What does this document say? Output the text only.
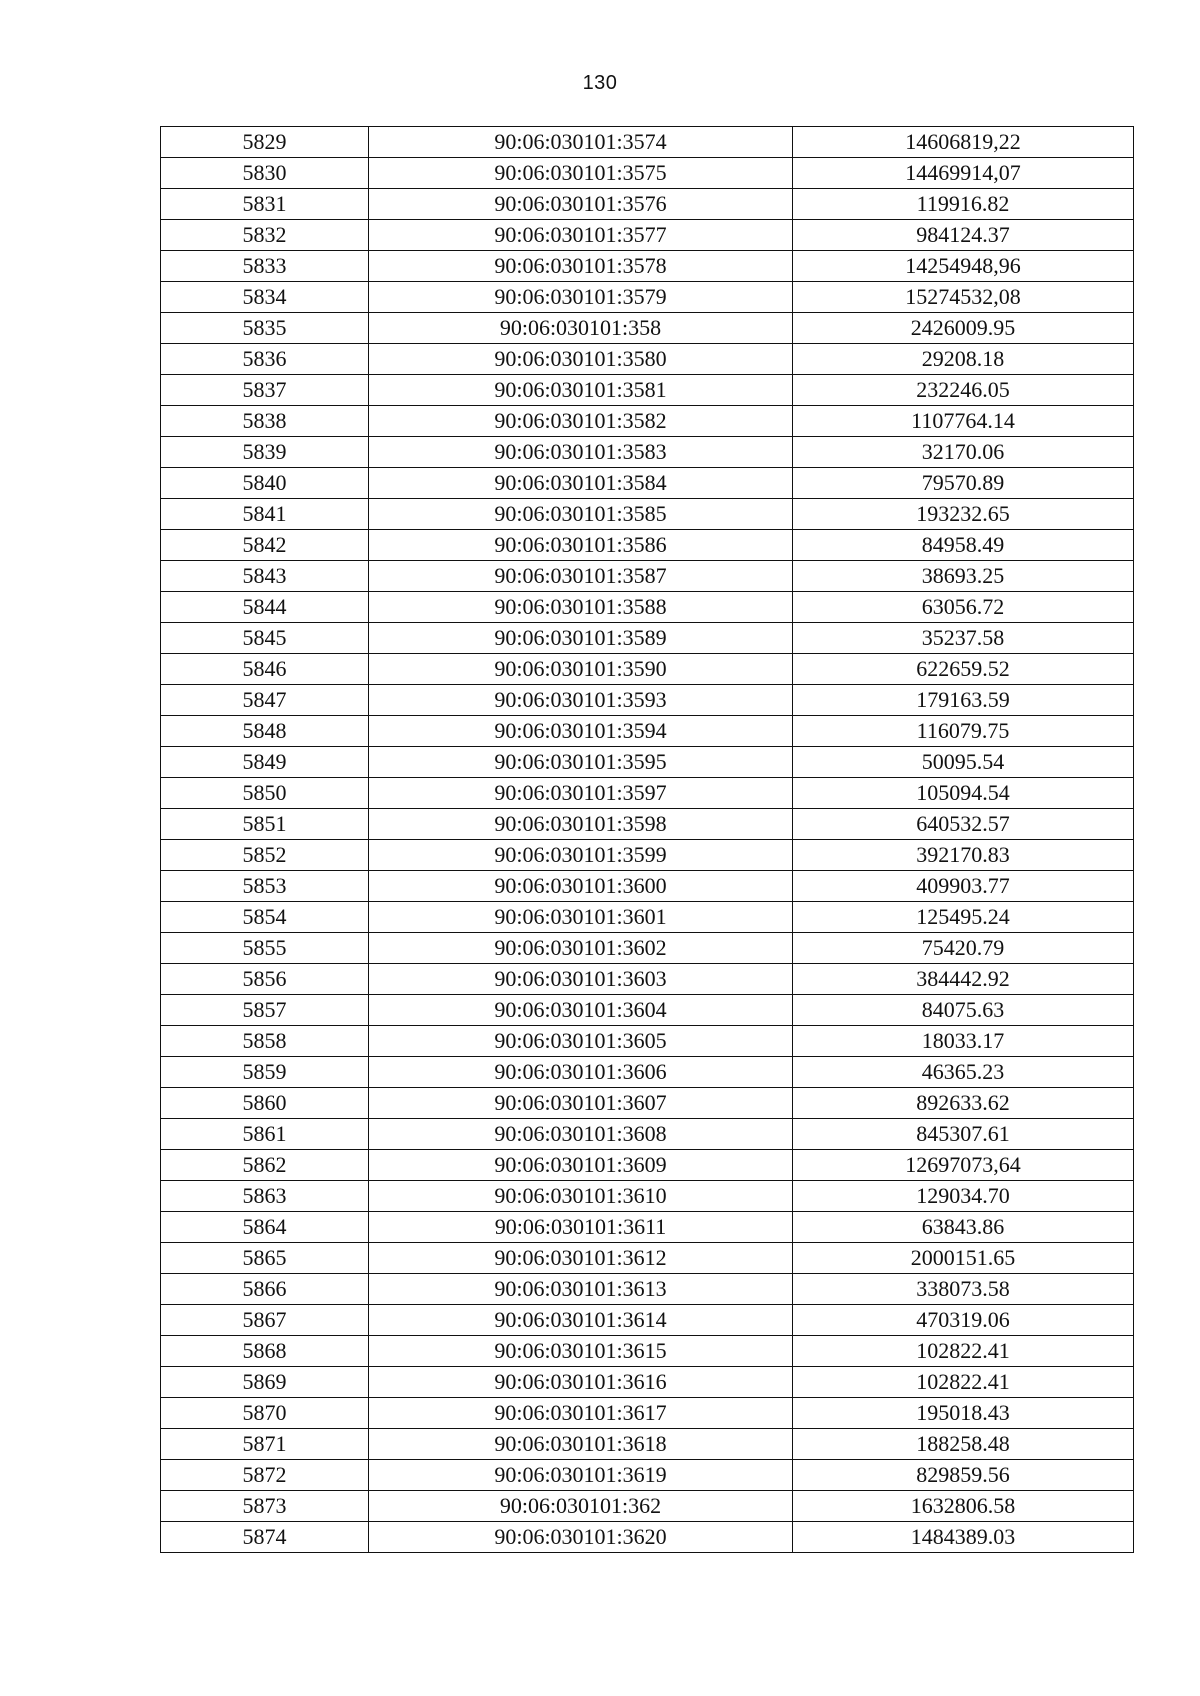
130
5829	90:06:030101:3574	14606819,22
5830	90:06:030101:3575	14469914,07
5831	90:06:030101:3576	119916.82
5832	90:06:030101:3577	984124.37
5833	90:06:030101:3578	14254948,96
5834	90:06:030101:3579	15274532,08
5835	90:06:030101:358	2426009.95
5836	90:06:030101:3580	29208.18
5837	90:06:030101:3581	232246.05
5838	90:06:030101:3582	1107764.14
5839	90:06:030101:3583	32170.06
5840	90:06:030101:3584	79570.89
5841	90:06:030101:3585	193232.65
5842	90:06:030101:3586	84958.49
5843	90:06:030101:3587	38693.25
5844	90:06:030101:3588	63056.72
5845	90:06:030101:3589	35237.58
5846	90:06:030101:3590	622659.52
5847	90:06:030101:3593	179163.59
5848	90:06:030101:3594	116079.75
5849	90:06:030101:3595	50095.54
5850	90:06:030101:3597	105094.54
5851	90:06:030101:3598	640532.57
5852	90:06:030101:3599	392170.83
5853	90:06:030101:3600	409903.77
5854	90:06:030101:3601	125495.24
5855	90:06:030101:3602	75420.79
5856	90:06:030101:3603	384442.92
5857	90:06:030101:3604	84075.63
5858	90:06:030101:3605	18033.17
5859	90:06:030101:3606	46365.23
5860	90:06:030101:3607	892633.62
5861	90:06:030101:3608	845307.61
5862	90:06:030101:3609	12697073,64
5863	90:06:030101:3610	129034.70
5864	90:06:030101:3611	63843.86
5865	90:06:030101:3612	2000151.65
5866	90:06:030101:3613	338073.58
5867	90:06:030101:3614	470319.06
5868	90:06:030101:3615	102822.41
5869	90:06:030101:3616	102822.41
5870	90:06:030101:3617	195018.43
5871	90:06:030101:3618	188258.48
5872	90:06:030101:3619	829859.56
5873	90:06:030101:362	1632806.58
5874	90:06:030101:3620	1484389.03
